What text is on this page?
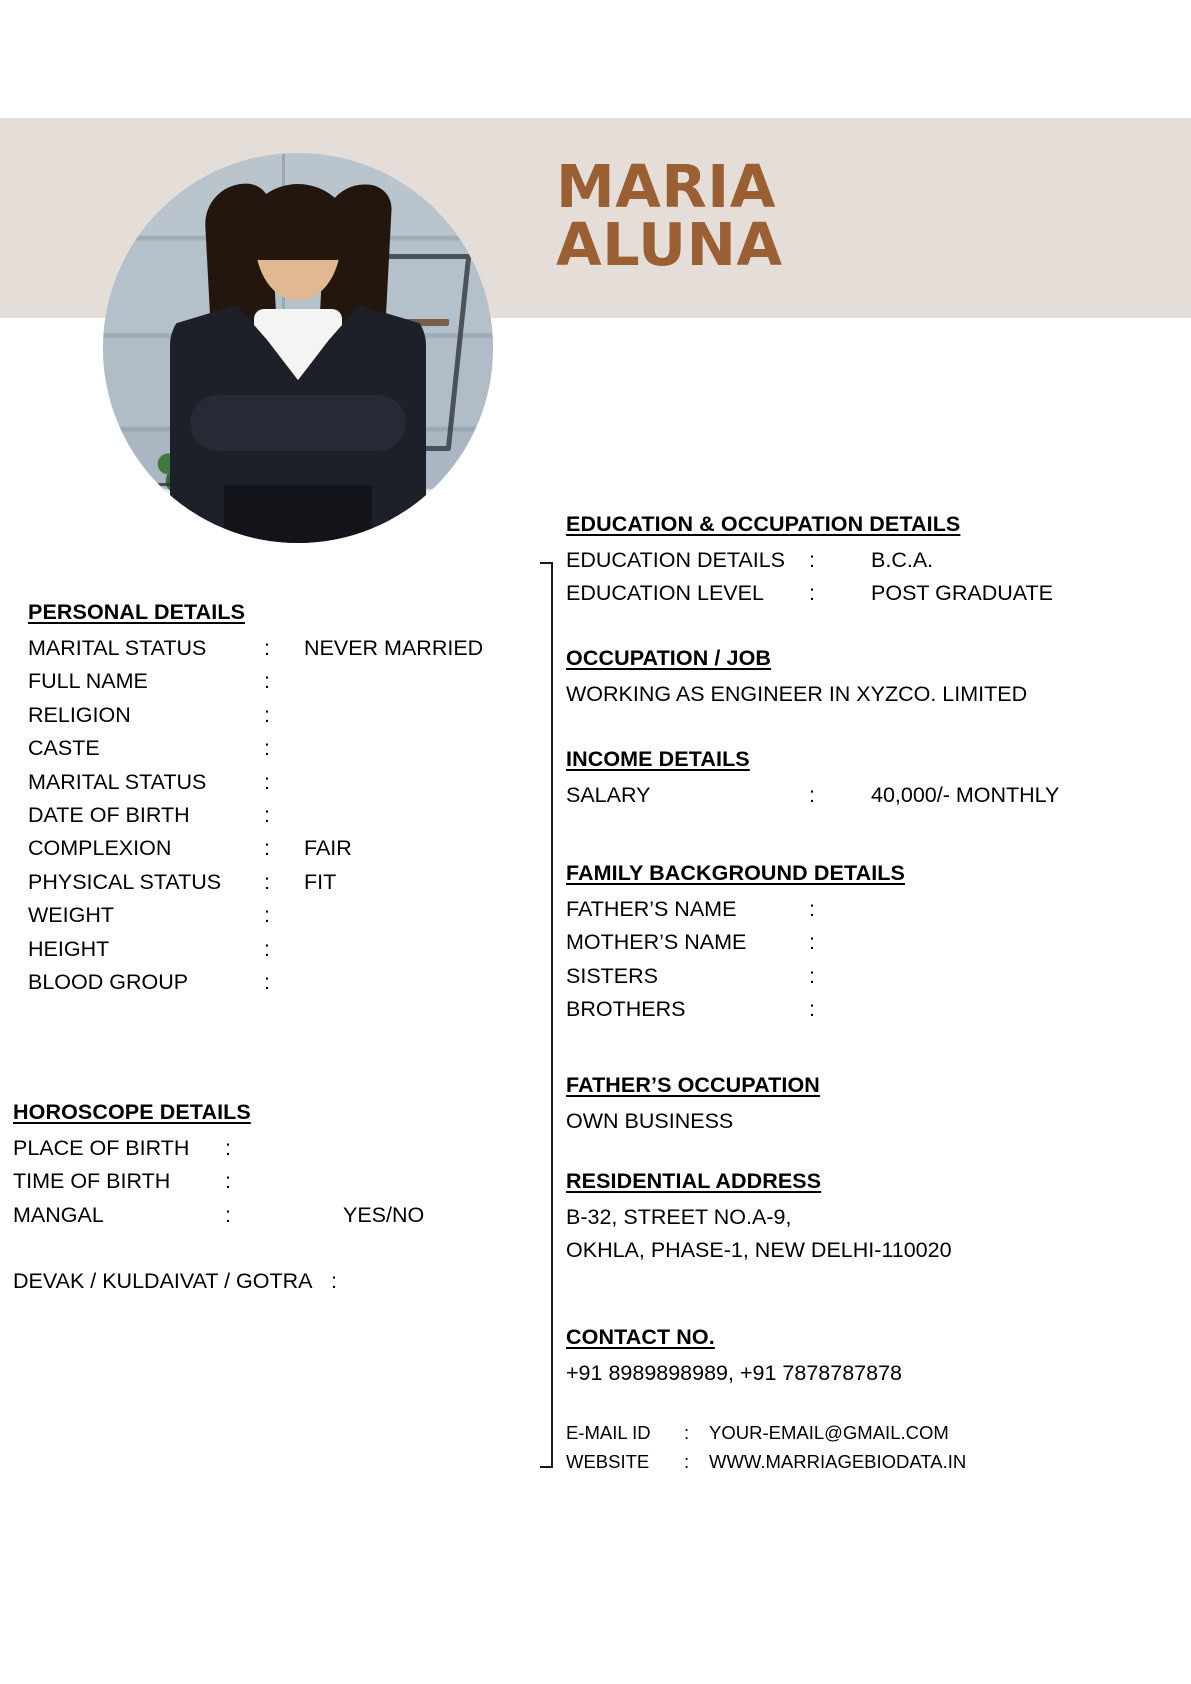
MARIA
ALUNA
PERSONAL DETAILS
MARITAL STATUS	:	NEVER MARRIED
FULL NAME	:
RELIGION	:
CASTE	:
MARITAL STATUS	:
DATE OF BIRTH	:
COMPLEXION	:	FAIR
PHYSICAL STATUS	:	FIT
WEIGHT	:
HEIGHT	:
BLOOD GROUP	:
HOROSCOPE DETAILS
PLACE OF BIRTH	:
TIME OF BIRTH	:
MANGAL	:	YES/NO
DEVAK / KULDAIVAT / GOTRA :
EDUCATION & OCCUPATION DETAILS
EDUCATION DETAILS	:	B.C.A.
EDUCATION LEVEL	:	POST GRADUATE
OCCUPATION / JOB
WORKING AS ENGINEER IN XYZCO. LIMITED
INCOME DETAILS
SALARY	:	40,000/- MONTHLY
FAMILY BACKGROUND DETAILS
FATHER’S NAME	:
MOTHER’S NAME	:
SISTERS	:
BROTHERS	:
FATHER’S OCCUPATION
OWN BUSINESS
RESIDENTIAL ADDRESS
B-32, STREET NO.A-9,
OKHLA, PHASE-1, NEW DELHI-110020
CONTACT NO.
+91 8989898989, +91 7878787878
E-MAIL ID	:	YOUR-EMAIL@GMAIL.COM
WEBSITE	:	WWW.MARRIAGEBIODATA.IN
